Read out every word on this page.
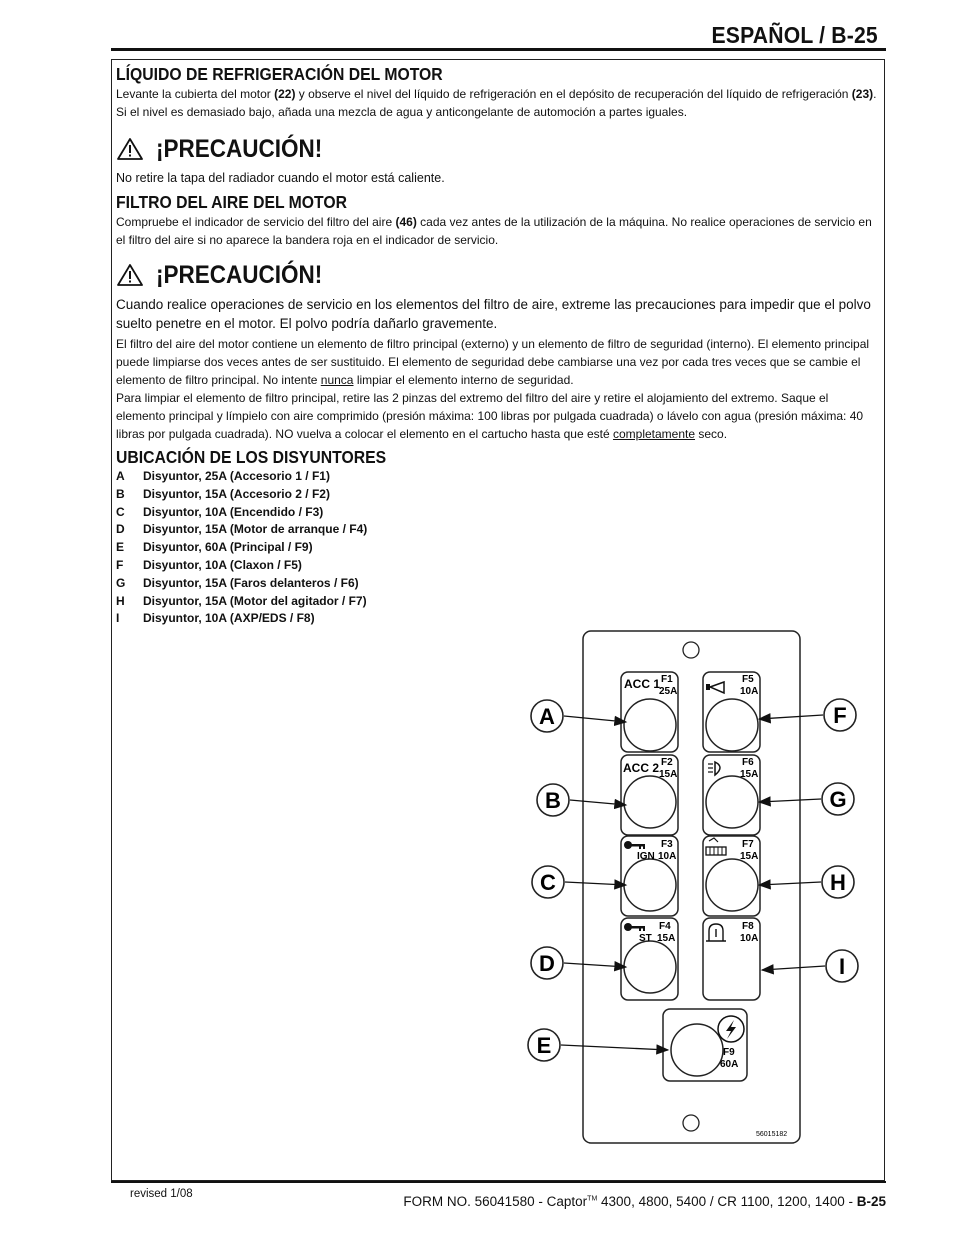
ESPAÑOL / B-25
LÍQUIDO DE REFRIGERACIÓN DEL MOTOR

Levante la cubierta del motor (22) y observe el nivel del líquido de refrigeración en el depósito de recuperación del líquido de refrigeración (23). Si el nivel es demasiado bajo, añada una mezcla de agua y anticongelante de automoción a partes iguales.

¡PRECAUCIÓN!

No retire la tapa del radiador cuando el motor está caliente.

FILTRO DEL AIRE DEL MOTOR

Compruebe el indicador de servicio del filtro del aire (46) cada vez antes de la utilización de la máquina. No realice operaciones de servicio en el filtro del aire si no aparece la bandera roja en el indicador de servicio.

¡PRECAUCIÓN!

Cuando realice operaciones de servicio en los elementos del filtro de aire, extreme las precauciones para impedir que el polvo suelto penetre en el motor. El polvo podría dañarlo gravemente.

El filtro del aire del motor contiene un elemento de filtro principal (externo) y un elemento de filtro de seguridad (interno). El elemento principal puede limpiarse dos veces antes de ser sustituido. El elemento de seguridad debe cambiarse una vez por cada tres veces que se cambie el elemento de filtro principal. No intente nunca limpiar el elemento interno de seguridad.

Para limpiar el elemento de filtro principal, retire las 2 pinzas del extremo del filtro del aire y retire el alojamiento del extremo. Saque el elemento principal y límpielo con aire comprimido (presión máxima: 100 libras por pulgada cuadrada) o lávelo con agua (presión máxima: 40 libras por pulgada cuadrada). NO vuelva a colocar el elemento en el cartucho hasta que esté completamente seco.

UBICACIÓN DE LOS DISYUNTORES
A	Disyuntor, 25A (Accesorio 1 / F1)
B	Disyuntor, 15A (Accesorio 2 / F2)
C	Disyuntor, 10A (Encendido / F3)
D	Disyuntor, 15A (Motor de arranque / F4)
E	Disyuntor, 60A (Principal / F9)
F	Disyuntor, 10A (Claxon / F5)
G	Disyuntor, 15A (Faros delanteros / F6)
H	Disyuntor, 15A (Motor del agitador / F7)
I	Disyuntor, 10A (AXP/EDS / F8)
ACC 1 F1
25A
ACC 2 F2
15A
IGN
F3
10A
ST
F4
15A
F5
10A
F6
15A
F7
15A
F8
10A
F9
60A
56015182
A
B
C
D
E
F
G
H
I
revised 1/08	FORM NO. 56041580 - Captor™ 4300, 4800, 5400 / CR 1100, 1200, 1400 - B-25
